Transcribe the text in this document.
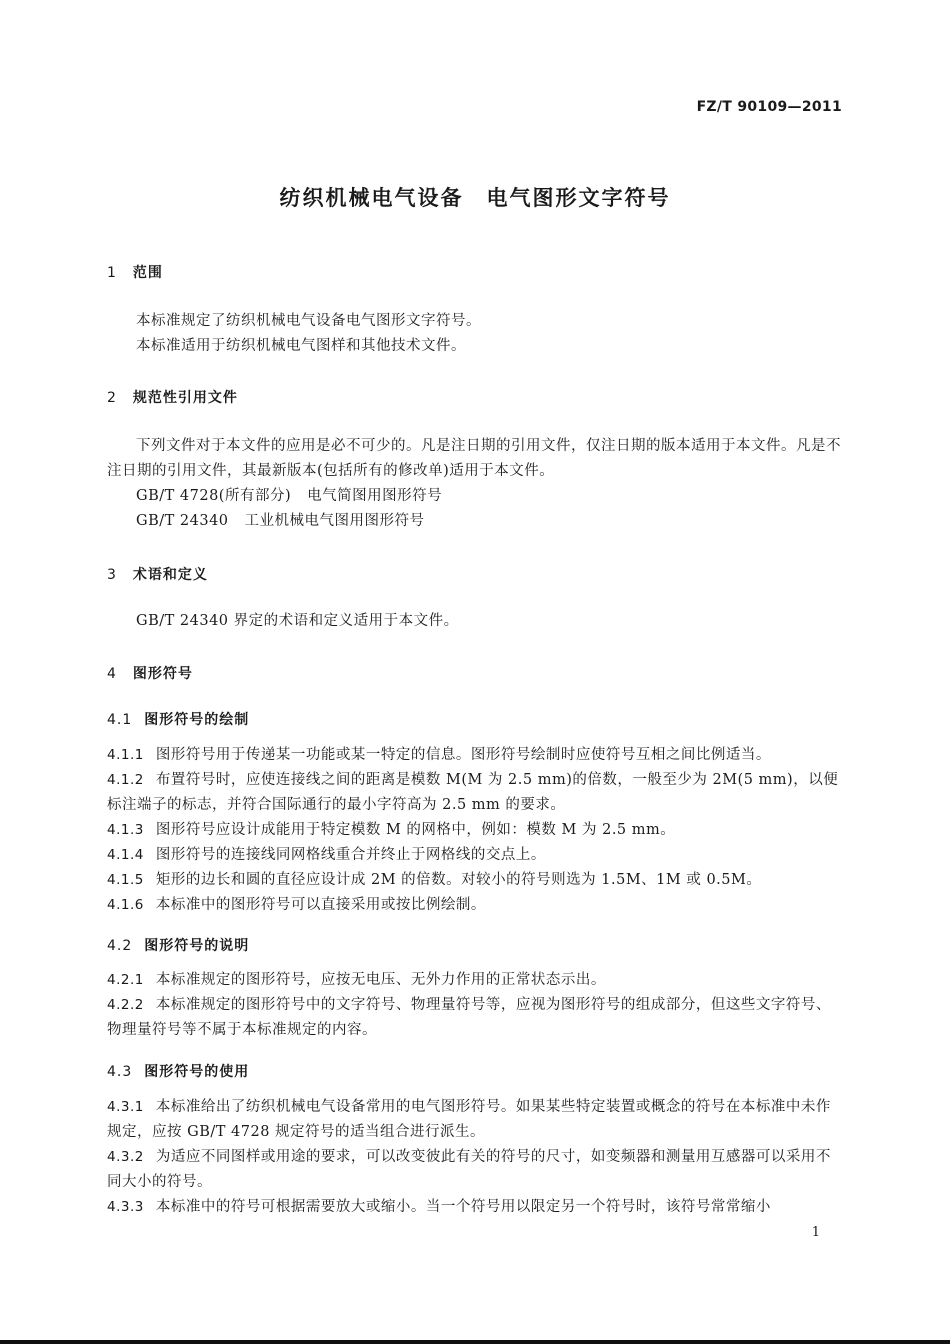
FZ/T 90109—2011
纺织机械电气设备　电气图形文字符号
1 范围

本标准规定了纺织机械电气设备电气图形文字符号。

本标准适用于纺织机械电气图样和其他技术文件。

2 规范性引用文件

下列文件对于本文件的应用是必不可少的。凡是注日期的引用文件，仅注日期的版本适用于本文件。凡是不注日期的引用文件，其最新版本(包括所有的修改单)适用于本文件。

GB/T 4728(所有部分) 电气简图用图形符号

GB/T 24340 工业机械电气图用图形符号

3 术语和定义

GB/T 24340 界定的术语和定义适用于本文件。

4 图形符号
4.1 图形符号的绘制

4.1.1 图形符号用于传递某一功能或某一特定的信息。图形符号绘制时应使符号互相之间比例适当。

4.1.2 布置符号时，应使连接线之间的距离是模数 M(M 为 2.5 mm)的倍数，一般至少为 2M(5 mm)，以便标注端子的标志，并符合国际通行的最小字符高为 2.5 mm 的要求。

4.1.3 图形符号应设计成能用于特定模数 M 的网格中，例如：模数 M 为 2.5 mm。

4.1.4 图形符号的连接线同网格线重合并终止于网格线的交点上。

4.1.5 矩形的边长和圆的直径应设计成 2M 的倍数。对较小的符号则选为 1.5M、1M 或 0.5M。

4.1.6 本标准中的图形符号可以直接采用或按比例绘制。

4.2 图形符号的说明

4.2.1 本标准规定的图形符号，应按无电压、无外力作用的正常状态示出。

4.2.2 本标准规定的图形符号中的文字符号、物理量符号等，应视为图形符号的组成部分，但这些文字符号、物理量符号等不属于本标准规定的内容。

4.3 图形符号的使用

4.3.1 本标准给出了纺织机械电气设备常用的电气图形符号。如果某些特定装置或概念的符号在本标准中未作规定，应按 GB/T 4728 规定符号的适当组合进行派生。

4.3.2 为适应不同图样或用途的要求，可以改变彼此有关的符号的尺寸，如变频器和测量用互感器可以采用不同大小的符号。

4.3.3 本标准中的符号可根据需要放大或缩小。当一个符号用以限定另一个符号时，该符号常常缩小

1
